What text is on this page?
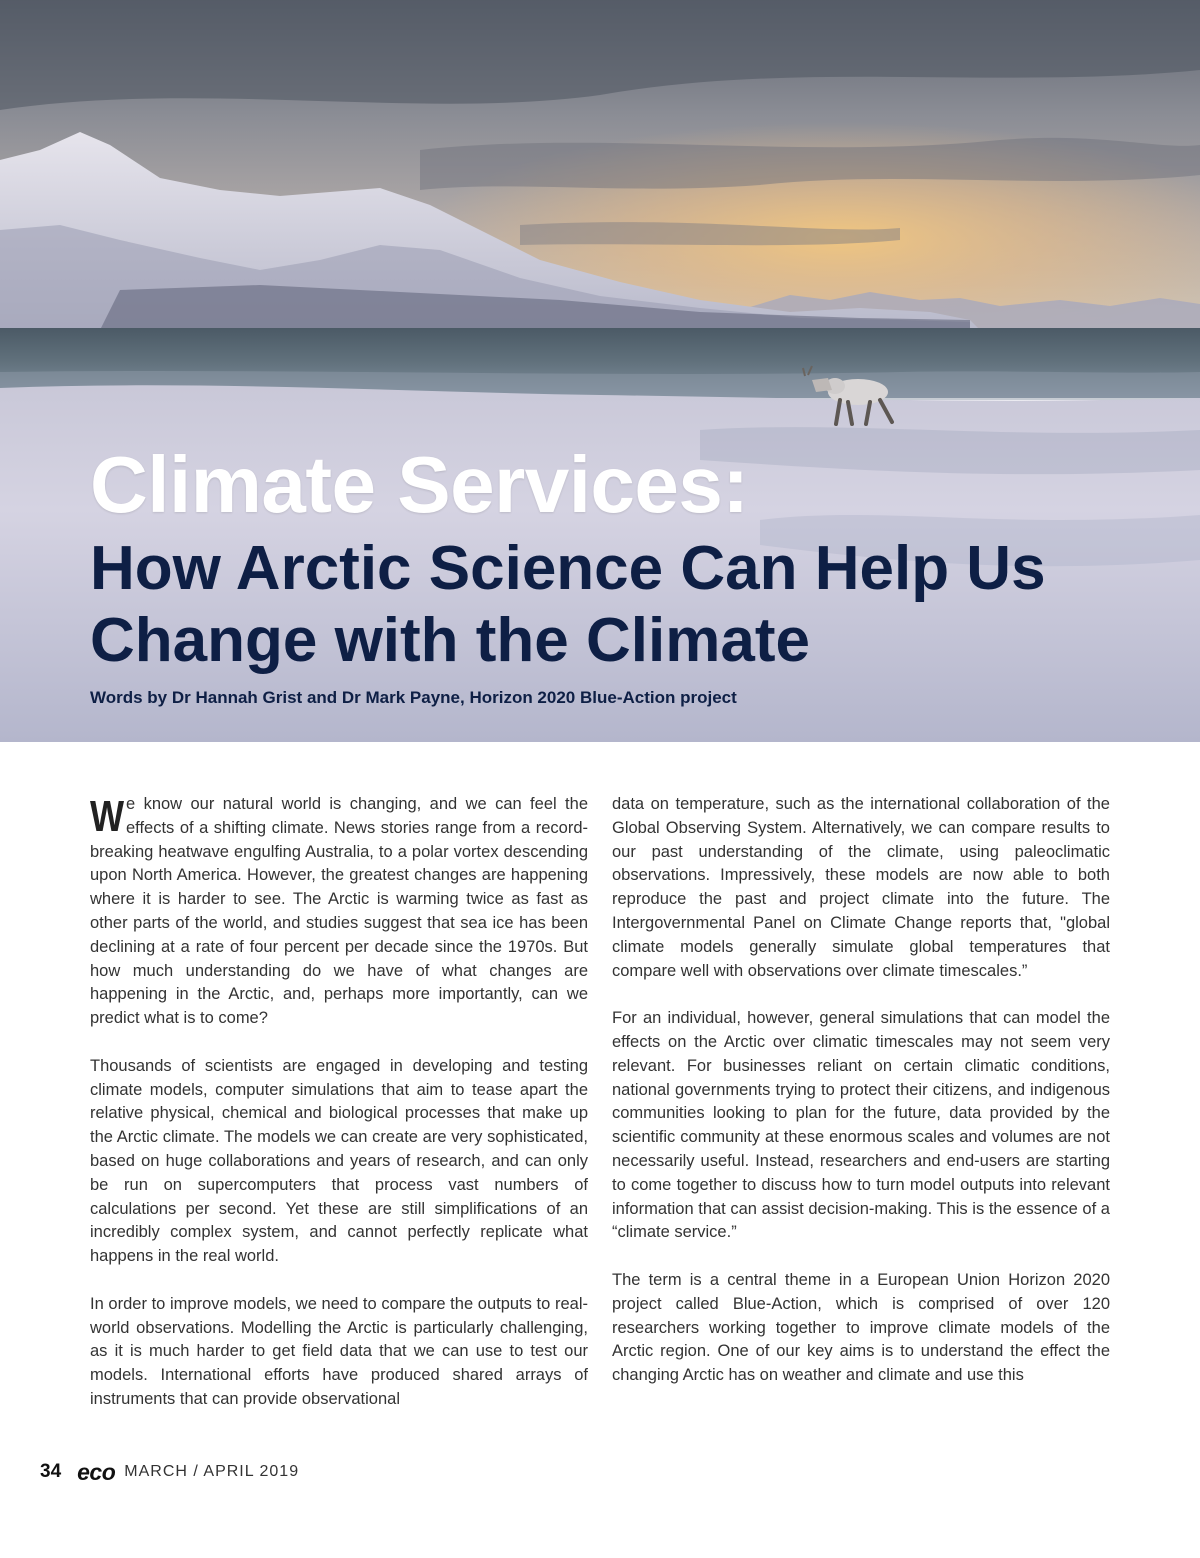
Climate Services:
How Arctic Science Can Help Us Change with the Climate

Words by Dr Hannah Grist and Dr Mark Payne, Horizon 2020 Blue-Action project

We know our natural world is changing, and we can feel the effects of a shifting climate. News stories range from a record-breaking heatwave engulfing Australia, to a polar vortex descending upon North America. However, the greatest changes are happening where it is harder to see. The Arctic is warming twice as fast as other parts of the world, and studies suggest that sea ice has been declining at a rate of four percent per decade since the 1970s. But how much understanding do we have of what changes are happening in the Arctic, and, perhaps more importantly, can we predict what is to come?

Thousands of scientists are engaged in developing and testing climate models, computer simulations that aim to tease apart the relative physical, chemical and biological processes that make up the Arctic climate. The models we can create are very sophisticated, based on huge collaborations and years of research, and can only be run on supercomputers that process vast numbers of calculations per second. Yet these are still simplifications of an incredibly complex system, and cannot perfectly replicate what happens in the real world.

In order to improve models, we need to compare the outputs to real-world observations. Modelling the Arctic is particularly challenging, as it is much harder to get field data that we can use to test our models. International efforts have produced shared arrays of instruments that can provide observational

data on temperature, such as the international collaboration of the Global Observing System. Alternatively, we can compare results to our past understanding of the climate, using paleoclimatic observations. Impressively, these models are now able to both reproduce the past and project climate into the future. The Intergovernmental Panel on Climate Change reports that, "global climate models generally simulate global temperatures that compare well with observations over climate timescales.”

For an individual, however, general simulations that can model the effects on the Arctic over climatic timescales may not seem very relevant. For businesses reliant on certain climatic conditions, national governments trying to protect their citizens, and indigenous communities looking to plan for the future, data provided by the scientific community at these enormous scales and volumes are not necessarily useful. Instead, researchers and end-users are starting to come together to discuss how to turn model outputs into relevant information that can assist decision-making. This is the essence of a “climate service.”

The term is a central theme in a European Union Horizon 2020 project called Blue-Action, which is comprised of over 120 researchers working together to improve climate models of the Arctic region. One of our key aims is to understand the effect the changing Arctic has on weather and climate and use this

34 eco MARCH / APRIL 2019
